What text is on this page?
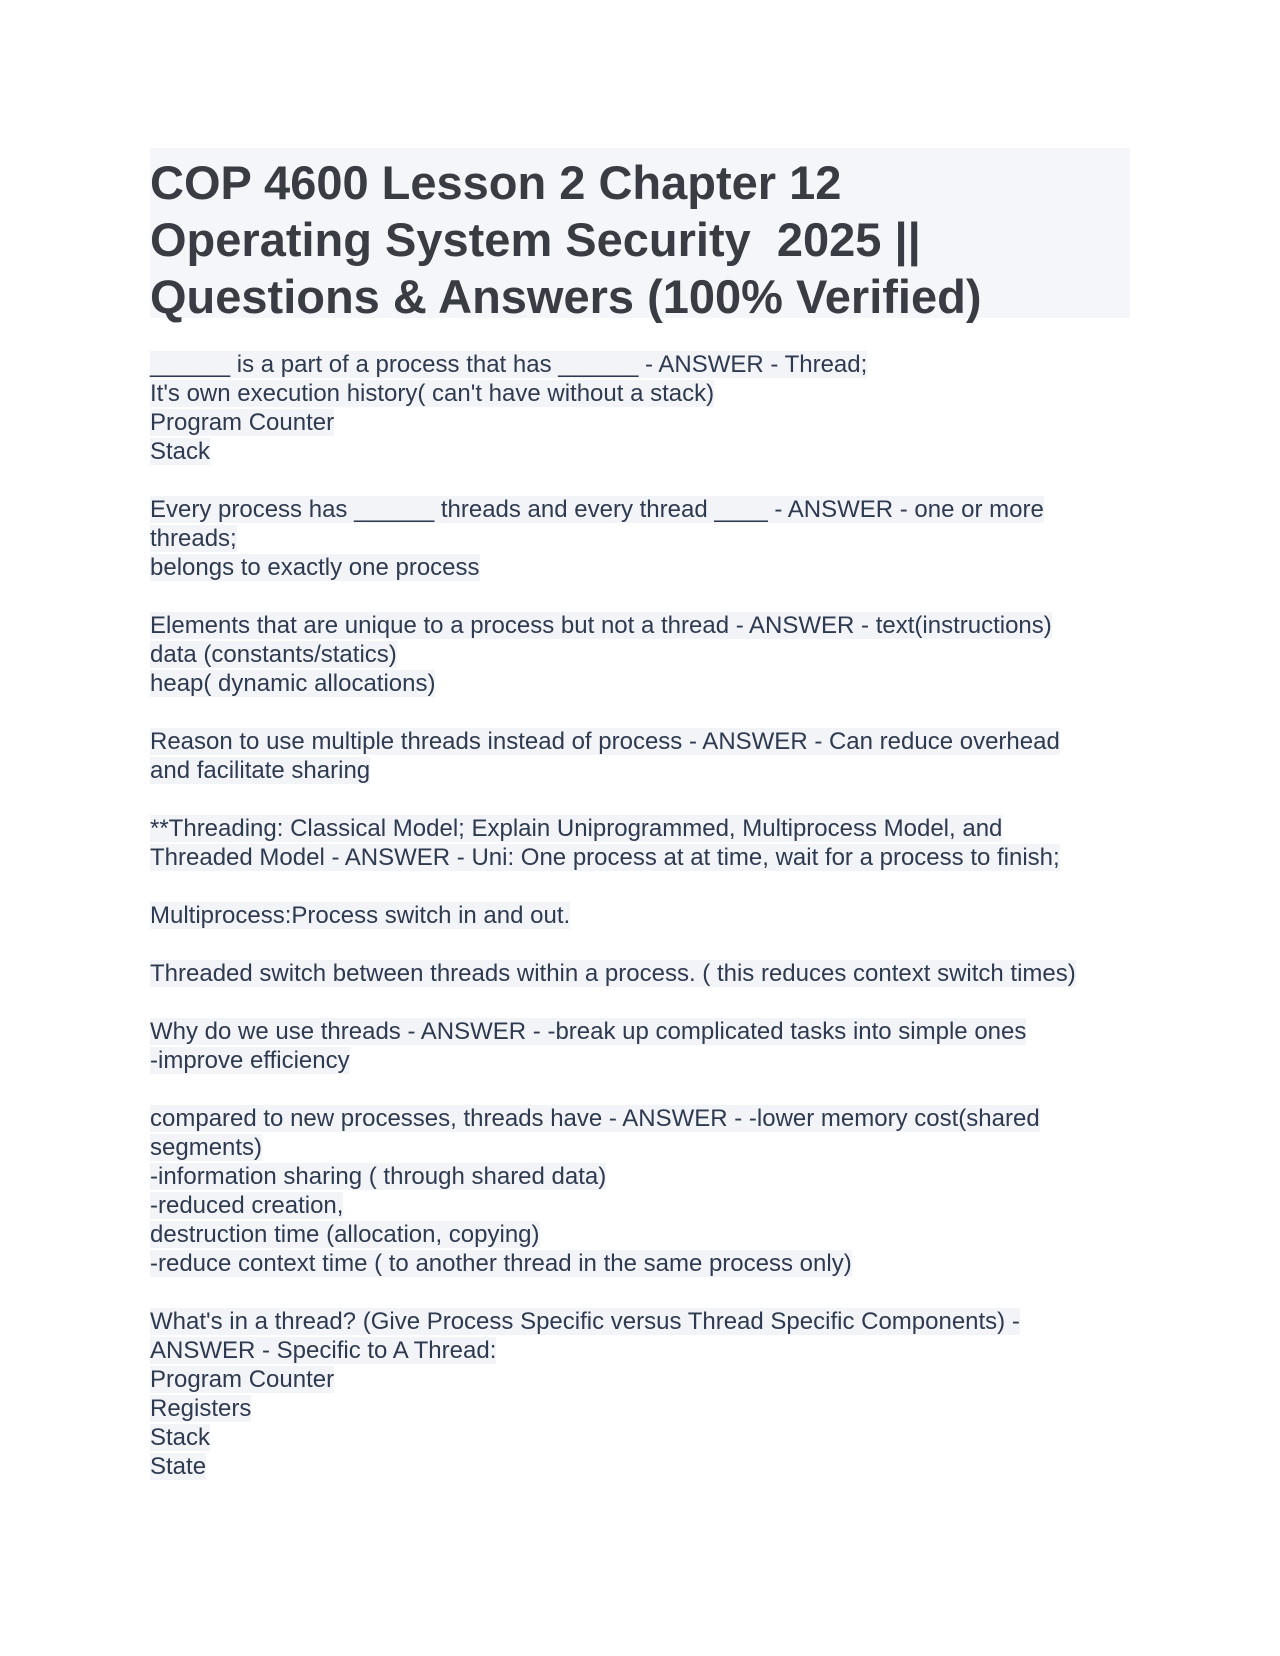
COP 4600 Lesson 2 Chapter 12
Operating System Security  2025 ||
Questions & Answers (100% Verified)
______ is a part of a process that has ______ - ANSWER - Thread;
It's own execution history( can't have without a stack)
Program Counter
Stack
Every process has ______ threads and every thread ____ - ANSWER - one or more
threads;
belongs to exactly one process
Elements that are unique to a process but not a thread - ANSWER - text(instructions)
data (constants/statics)
heap( dynamic allocations)
Reason to use multiple threads instead of process - ANSWER - Can reduce overhead
and facilitate sharing
**Threading: Classical Model; Explain Uniprogrammed, Multiprocess Model, and
Threaded Model - ANSWER - Uni: One process at at time, wait for a process to finish;
Multiprocess:Process switch in and out.
Threaded switch between threads within a process. ( this reduces context switch times)
Why do we use threads - ANSWER - -break up complicated tasks into simple ones
-improve efficiency
compared to new processes, threads have - ANSWER - -lower memory cost(shared
segments)
-information sharing ( through shared data)
-reduced creation,
destruction time (allocation, copying)
-reduce context time ( to another thread in the same process only)
What's in a thread? (Give Process Specific versus Thread Specific Components) -
ANSWER - Specific to A Thread:
Program Counter
Registers
Stack
State
